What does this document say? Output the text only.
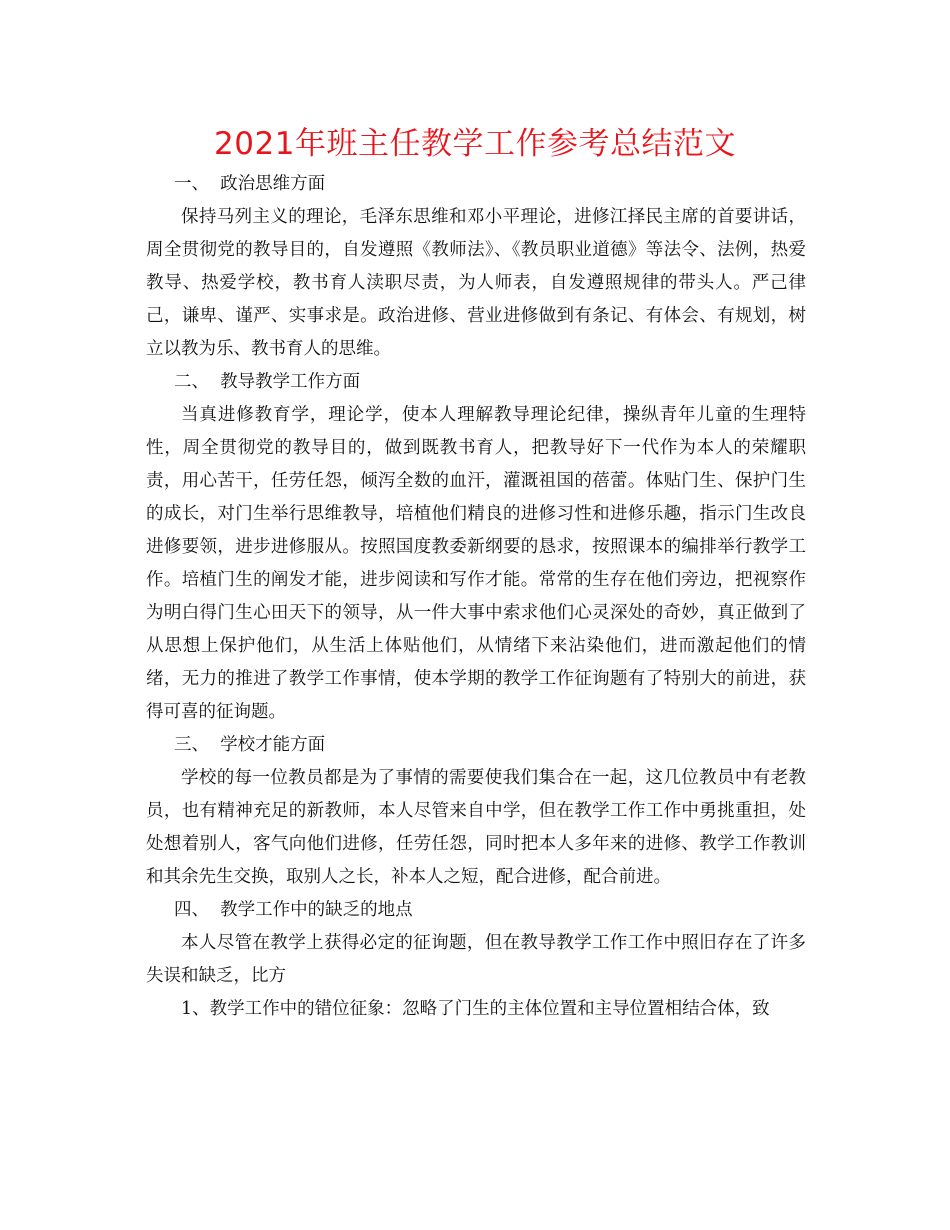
2021年班主任教学工作参考总结范文

一、  政治思维方面

保持马列主义的理论，毛泽东思维和邓小平理论，进修江择民主席的首要讲话，周全贯彻党的教导目的，自发遵照《教师法》、《教员职业道德》等法令、法例，热爱教导、热爱学校，教书育人渎职尽责，为人师表，自发遵照规律的带头人。严己律己，谦卑、谨严、实事求是。政治进修、营业进修做到有条记、有体会、有规划，树立以教为乐、教书育人的思维。

二、  教导教学工作方面

当真进修教育学，理论学，使本人理解教导理论纪律，操纵青年儿童的生理特性，周全贯彻党的教导目的，做到既教书育人，把教导好下一代作为本人的荣耀职责，用心苦干，任劳任怨，倾泻全数的血汗，灌溉祖国的蓓蕾。体贴门生、保护门生的成长，对门生举行思维教导，培植他们精良的进修习性和进修乐趣，指示门生改良进修要领，进步进修服从。按照国度教委新纲要的恳求，按照课本的编排举行教学工作。培植门生的阐发才能，进步阅读和写作才能。常常的生存在他们旁边，把视察作为明白得门生心田天下的领导，从一件大事中索求他们心灵深处的奇妙，真正做到了从思想上保护他们，从生活上体贴他们，从情绪下来沾染他们，进而激起他们的情绪，无力的推进了教学工作事情，使本学期的教学工作征询题有了特别大的前进，获得可喜的征询题。

三、  学校才能方面

学校的每一位教员都是为了事情的需要使我们集合在一起，这几位教员中有老教员，也有精神充足的新教师，本人尽管来自中学，但在教学工作工作中勇挑重担，处处想着别人，客气向他们进修，任劳任怨，同时把本人多年来的进修、教学工作教训和其余先生交换，取别人之长，补本人之短，配合进修，配合前进。

四、  教学工作中的缺乏的地点

本人尽管在教学上获得必定的征询题，但在教导教学工作工作中照旧存在了许多失误和缺乏，比方

1、教学工作中的错位征象：忽略了门生的主体位置和主导位置相结合体，致
